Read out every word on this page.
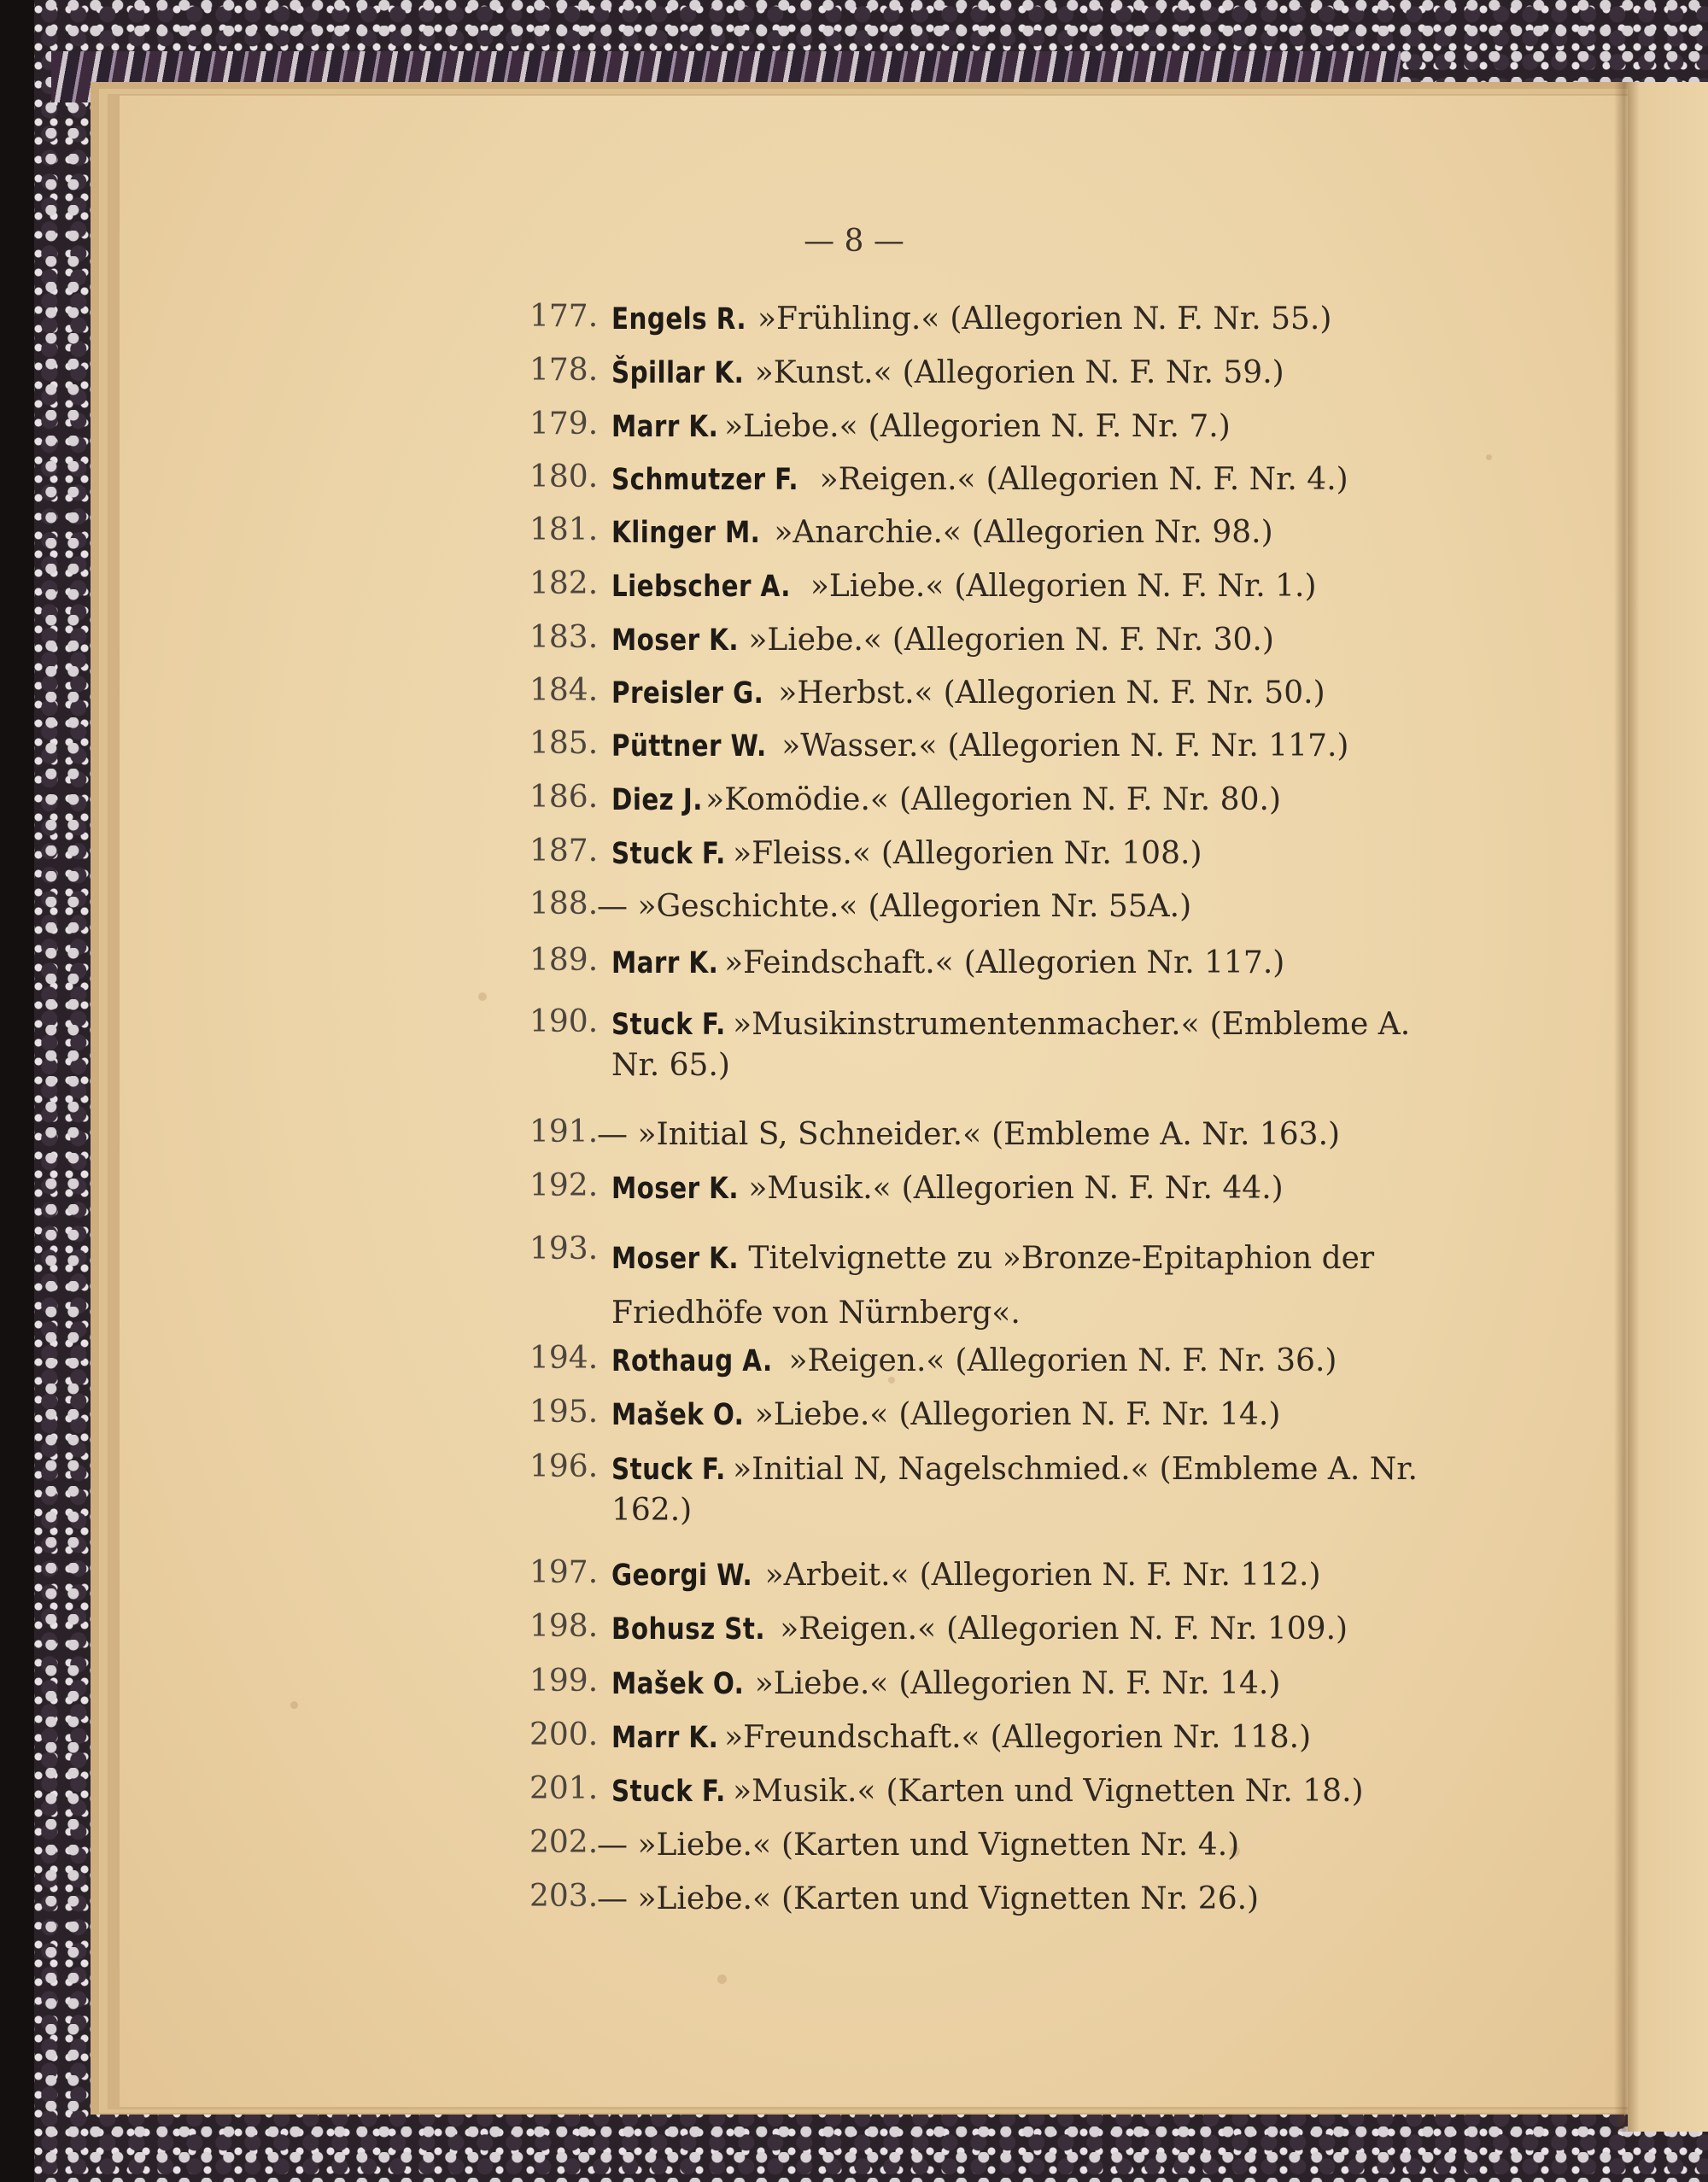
— 8 —
177. Engels R. »Frühling.« (Allegorien N. F. Nr. 55.)
178. Špillar K. »Kunst.« (Allegorien N. F. Nr. 59.)
179. Marr K. »Liebe.« (Allegorien N. F. Nr. 7.)
180. Schmutzer F. »Reigen.« (Allegorien N. F. Nr. 4.)
181. Klinger M. »Anarchie.« (Allegorien Nr. 98.)
182. Liebscher A. »Liebe.« (Allegorien N. F. Nr. 1.)
183. Moser K. »Liebe.« (Allegorien N. F. Nr. 30.)
184. Preisler G. »Herbst.« (Allegorien N. F. Nr. 50.)
185. Püttner W. »Wasser.« (Allegorien N. F. Nr. 117.)
186. Diez J.»Komödie.« (Allegorien N. F. Nr. 80.)
187. Stuck F. »Fleiss.« (Allegorien Nr. 108.)
188.
— »Geschichte.« (Allegorien Nr. 55A.)
189. Marr K. »Feindschaft.« (Allegorien Nr. 117.)
190. Stuck F. »Musikinstrumentenmacher.« (Embleme A. Nr. 65.)
191.
— »Initial S, Schneider.« (Embleme A. Nr. 163.)
192. Moser K. »Musik.« (Allegorien N. F. Nr. 44.)
193. Moser K. Titelvignette zu »Bronze-Epitaphion der Friedhöfe von Nürnberg«.
194. Rothaug A. »Reigen.« (Allegorien N. F. Nr. 36.)
195. Mašek O. »Liebe.« (Allegorien N. F. Nr. 14.)
196. Stuck F. »Initial N, Nagelschmied.« (Embleme A. Nr. 162.)
197. Georgi W. »Arbeit.« (Allegorien N. F. Nr. 112.)
198. Bohusz St. »Reigen.« (Allegorien N. F. Nr. 109.)
199. Mašek O. »Liebe.« (Allegorien N. F. Nr. 14.)
200. Marr K. »Freundschaft.« (Allegorien Nr. 118.)
201. Stuck F. »Musik.« (Karten und Vignetten Nr. 18.)
202.
— »Liebe.« (Karten und Vignetten Nr. 4.)
203.
— »Liebe.« (Karten und Vignetten Nr. 26.)
